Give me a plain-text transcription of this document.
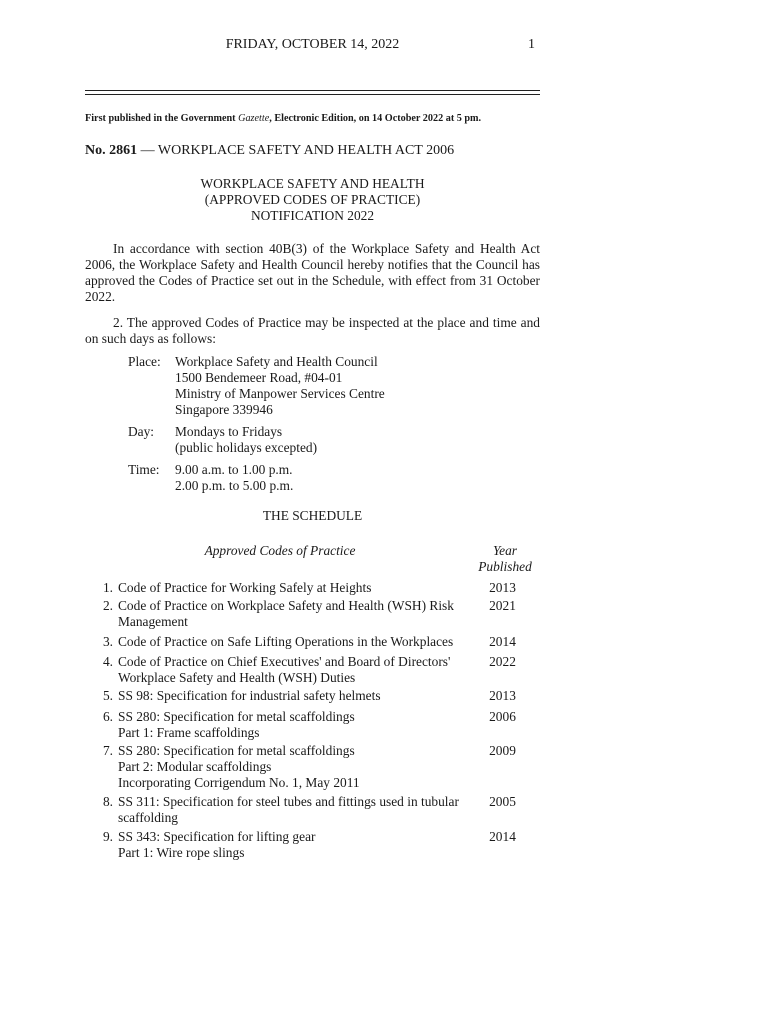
FRIDAY, OCTOBER 14, 2022	1
First published in the Government Gazette, Electronic Edition, on 14 October 2022 at 5 pm.
No. 2861 — WORKPLACE SAFETY AND HEALTH ACT 2006
WORKPLACE SAFETY AND HEALTH
(APPROVED CODES OF PRACTICE)
NOTIFICATION 2022
In accordance with section 40B(3) of the Workplace Safety and Health Act 2006, the Workplace Safety and Health Council hereby notifies that the Council has approved the Codes of Practice set out in the Schedule, with effect from 31 October 2022.
2. The approved Codes of Practice may be inspected at the place and time and on such days as follows:
Place: Workplace Safety and Health Council
1500 Bendemeer Road, #04-01
Ministry of Manpower Services Centre
Singapore 339946
Day: Mondays to Fridays
(public holidays excepted)
Time: 9.00 a.m. to 1.00 p.m.
2.00 p.m. to 5.00 p.m.
THE SCHEDULE
Approved Codes of Practice	Year
Published
1. Code of Practice for Working Safely at Heights	2013
2. Code of Practice on Workplace Safety and Health (WSH) Risk
Management
2021
3. Code of Practice on Safe Lifting Operations in the Workplaces	2014
4. Code of Practice on Chief Executives' and Board of Directors'
Workplace Safety and Health (WSH) Duties
2022
5. SS 98: Specification for industrial safety helmets	2013
6. SS 280: Specification for metal scaffoldings
Part 1: Frame scaffoldings
2006
7. SS 280: Specification for metal scaffoldings
Part 2: Modular scaffoldings
Incorporating Corrigendum No. 1, May 2011
2009
8. SS 311: Specification for steel tubes and fittings used in tubular
scaffolding
2005
9. SS 343: Specification for lifting gear
Part 1: Wire rope slings
2014
